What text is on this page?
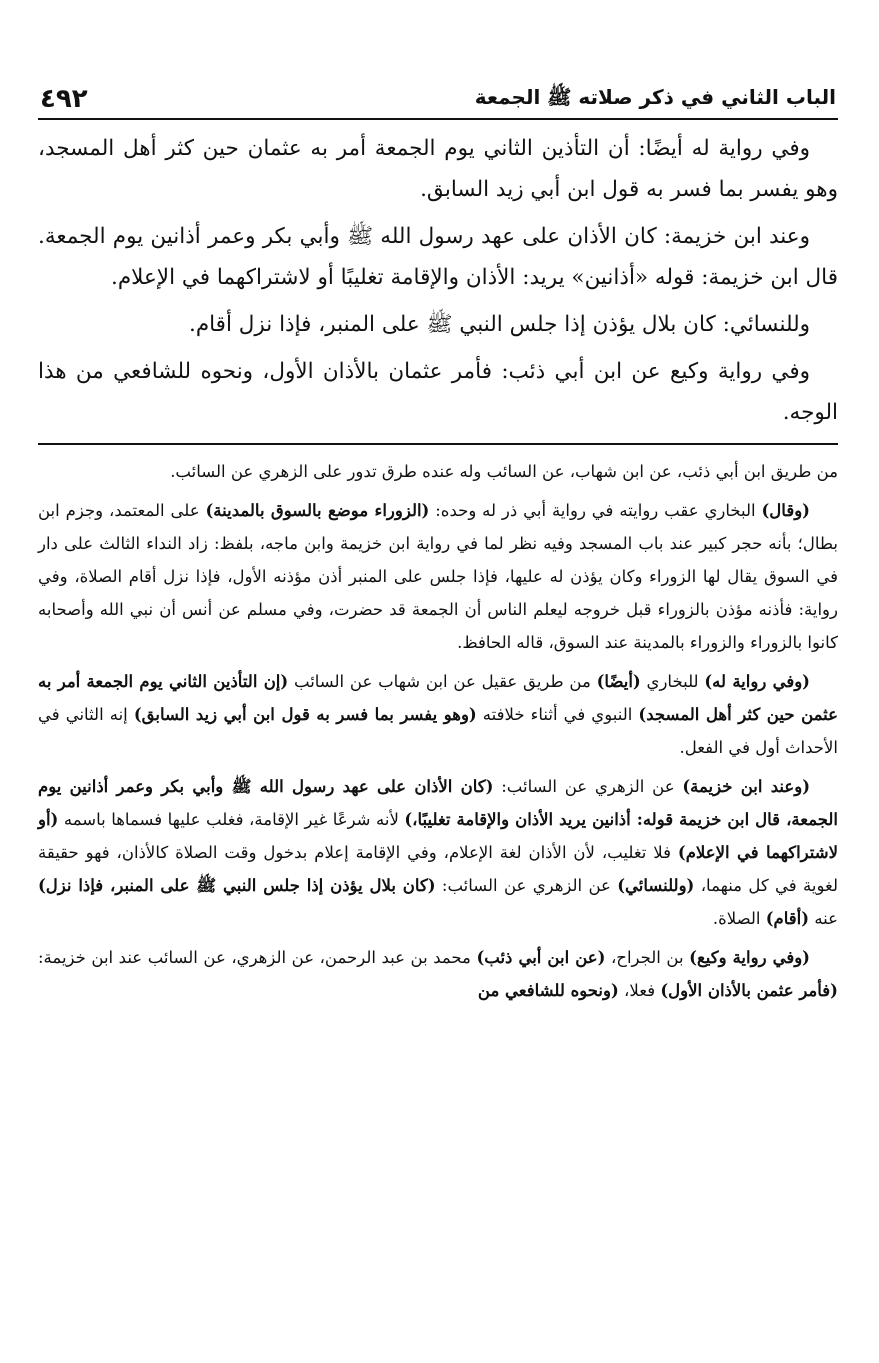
الباب الثاني في ذكر صلاته ﷺ الجمعة
٤٩٢

وفي رواية له أيضًا: أن التأذين الثاني يوم الجمعة أمر به عثمان حين كثر أهل المسجد، وهو يفسر بما فسر به قول ابن أبي زيد السابق.

وعند ابن خزيمة: كان الأذان على عهد رسول الله ﷺ وأبي بكر وعمر أذانين يوم الجمعة. قال ابن خزيمة: قوله «أذانين» يريد: الأذان والإقامة تغليبًا أو لاشتراكهما في الإعلام.

وللنسائي: كان بلال يؤذن إذا جلس النبي ﷺ على المنبر، فإذا نزل أقام.

وفي رواية وكيع عن ابن أبي ذئب: فأمر عثمان بالأذان الأول، ونحوه للشافعي من هذا الوجه.

من طريق ابن أبي ذئب، عن ابن شهاب، عن السائب وله عنده طرق تدور على الزهري عن السائب.

(وقال) البخاري عقب روايته في رواية أبي ذر له وحده: (الزوراء موضع بالسوق بالمدينة) على المعتمد، وجزم ابن بطال؛ بأنه حجر كبير عند باب المسجد وفيه نظر لما في رواية ابن خزيمة وابن ماجه، بلفظ: زاد النداء الثالث على دار في السوق يقال لها الزوراء وكان يؤذن له عليها، فإذا جلس على المنبر أذن مؤذنه الأول، فإذا نزل أقام الصلاة، وفي رواية: فأذنه مؤذن بالزوراء قبل خروجه ليعلم الناس أن الجمعة قد حضرت، وفي مسلم عن أنس أن نبي الله وأصحابه كانوا بالزوراء والزوراء بالمدينة عند السوق، قاله الحافظ.

(وفي رواية له) للبخاري (أيضًا) من طريق عقيل عن ابن شهاب عن السائب (إن التأذين الثاني يوم الجمعة أمر به عثمن حين كثر أهل المسجد) النبوي في أثناء خلافته (وهو يفسر بما فسر به قول ابن أبي زيد السابق) إنه الثاني في الأحداث أول في الفعل.

(وعند ابن خزيمة) عن الزهري عن السائب: (كان الأذان على عهد رسول الله ﷺ وأبي بكر وعمر أذانين يوم الجمعة، قال ابن خزيمة قوله: أذانين يريد الأذان والإقامة تغليبًا،) لأنه شرعًا غير الإقامة، فغلب عليها فسماها باسمه (أو لاشتراكهما في الإعلام) فلا تغليب، لأن الأذان لغة الإعلام، وفي الإقامة إعلام بدخول وقت الصلاة كالأذان، فهو حقيقة لغوية في كل منهما، (وللنسائي) عن الزهري عن السائب: (كان بلال يؤذن إذا جلس النبي ﷺ على المنبر، فإذا نزل) عنه (أقام) الصلاة.

(وفي رواية وكيع) بن الجراح، (عن ابن أبي ذئب) محمد بن عبد الرحمن، عن الزهري، عن السائب عند ابن خزيمة: (فأمر عثمن بالأذان الأول) فعلا، (ونحوه للشافعي من
